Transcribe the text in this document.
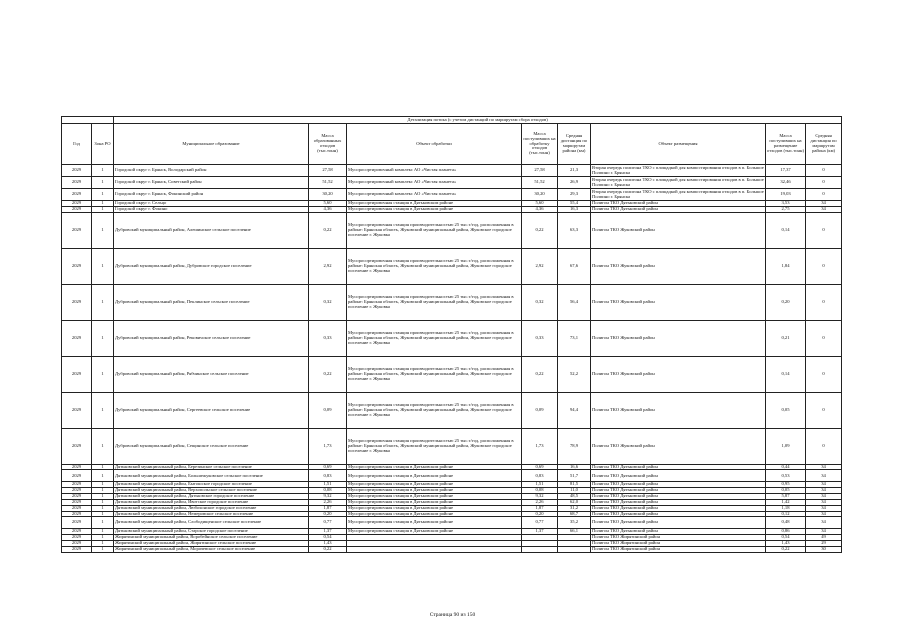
		Детализация потока (с учетом дистанций по маршрутам сбора отходов)							
Год	Зона РО	Муниципальное образование	Масса образованных отходов (тыс.тонн)	Объект обработки	Масса поступивших на обработку отходов (тыс.тонн)	Средняя дистанция по маршрутам района (км)	Объект размещения	Масса поступивших на размещение отходов (тыс.тонн)	Средняя дистанция по маршрутам района (км)
2029	1	Городской округ г. Брянск, Володарский район	27,58	Мусоросортировочный комплекс АО «Чистая планета»	27,58	21,3	Вторая очередь полигона ТКО с площадкой для компостирования отходов в п. Большое Полпино г. Брянска	17,37	0
2029	1	Городской округ г. Брянск, Советский район	51,52	Мусоросортировочный комплекс АО «Чистая планета»	51,52	26,9	Вторая очередь полигона ТКО с площадкой для компостирования отходов в п. Большое Полпино г. Брянска	32,46	0
2029	1	Городской округ г. Брянск, Фокинский район	30,20	Мусоросортировочный комплекс АО «Чистая планета»	30,20	29,3	Вторая очередь полигона ТКО с площадкой для компостирования отходов в п. Большое Полпино г. Брянска	19,03	0
2029	1	Городской округ г. Сельцо	5,60	Мусоросортировочная станция в Дятьковском районе	5,60	55,4	Полигон ТКО Дятьковский район	3,53	34
2029	1	Городской округ г. Фокино	4,36	Мусоросортировочная станция в Дятьковском районе	4,36	16,3	Полигон ТКО Дятьковский район	2,75	34
2029	1	Дубровский муниципальный район, Алешинское сельское поселение	0,22	Мусоросортировочная станция производительностью 25 тыс.т/год, расположенная в районе: Брянская область, Жуковский муниципальный район, Жуковское городское поселение г. Жуковка	0,22	63,3	Полигон ТКО Жуковский район	0,14	0
2029	1	Дубровский муниципальный район, Дубровское городское поселение	2,92	Мусоросортировочная станция производительностью 25 тыс.т/год, расположенная в районе: Брянская область, Жуковский муниципальный район, Жуковское городское поселение г. Жуковка	2,92	67,6	Полигон ТКО Жуковский район	1,84	0
2029	1	Дубровский муниципальный район, Пеклинское сельское поселение	0,32	Мусоросортировочная станция производительностью 25 тыс.т/год, расположенная в районе: Брянская область, Жуковский муниципальный район, Жуковское городское поселение г. Жуковка	0,32	56,4	Полигон ТКО Жуковский район	0,20	0
2029	1	Дубровский муниципальный район, Рековичское сельское поселение	0,33	Мусоросортировочная станция производительностью 25 тыс.т/год, расположенная в районе: Брянская область, Жуковский муниципальный район, Жуковское городское поселение г. Жуковка	0,33	73,1	Полигон ТКО Жуковский район	0,21	0
2029	1	Дубровский муниципальный район, Рябчинское сельское поселение	0,22	Мусоросортировочная станция производительностью 25 тыс.т/год, расположенная в районе: Брянская область, Жуковский муниципальный район, Жуковское городское поселение г. Жуковка	0,22	52,2	Полигон ТКО Жуковский район	0,14	0
2029	1	Дубровский муниципальный район, Сергеевское сельское поселение	0,09	Мусоросортировочная станция производительностью 25 тыс.т/год, расположенная в районе: Брянская область, Жуковский муниципальный район, Жуковское городское поселение г. Жуковка	0,09	94,4	Полигон ТКО Жуковский район	0,05	0
2029	1	Дубровский муниципальный район, Сещинское сельское поселение	1,73	Мусоросортировочная станция производительностью 25 тыс.т/год, расположенная в районе: Брянская область, Жуковский муниципальный район, Жуковское городское поселение г. Жуковка	1,73	78,9	Полигон ТКО Жуковский район	1,09	0
2029	1	Дятьковский муниципальный район, Березинское сельское поселение	0,69	Мусоросортировочная станция в Дятьковском районе	0,69	16,6	Полигон ТКО Дятьковский район	0,44	34
2029	1	Дятьковский муниципальный район, Большежуковское сельское поселение	0,83	Мусоросортировочная станция в Дятьковском районе	0,83	51,7	Полигон ТКО Дятьковский район	0,53	34
2029	1	Дятьковский муниципальный район, Бытошское городское поселение	1,51	Мусоросортировочная станция в Дятьковском районе	1,51	81,5	Полигон ТКО Дятьковский район	0,95	34
2029	1	Дятьковский муниципальный район, Верхопольское сельское поселение	0,08	Мусоросортировочная станция в Дятьковском районе	0,08	11,0	Полигон ТКО Дятьковский район	0,05	34
2029	1	Дятьковский муниципальный район, Дятьковское городское поселение	9,32	Мусоросортировочная станция в Дятьковском районе	9,32	48,5	Полигон ТКО Дятьковский район	5,87	34
2029	1	Дятьковский муниципальный район, Ивотское городское поселение	2,26	Мусоросортировочная станция в Дятьковском районе	2,26	62,0	Полигон ТКО Дятьковский район	1,42	34
2029	1	Дятьковский муниципальный район, Любохонское городское поселение	1,87	Мусоросортировочная станция в Дятьковском районе	1,87	31,2	Полигон ТКО Дятьковский район	1,18	34
2029	1	Дятьковский муниципальный район, Немеровское сельское поселение	0,20	Мусоросортировочная станция в Дятьковском районе	0,20	68,7	Полигон ТКО Дятьковский район	0,12	34
2029	1	Дятьковский муниципальный район, Слободищенское сельское поселение	0,77	Мусоросортировочная станция в Дятьковском районе	0,77	35,2	Полигон ТКО Дятьковский район	0,48	34
2029	1	Дятьковский муниципальный район, Старское городское поселение	1,37	Мусоросортировочная станция в Дятьковском районе	1,37	66,1	Полигон ТКО Дятьковский район	0,86	34
2029	1	Жирятинский муниципальный район, Воробейнское сельское поселение	0,54				Полигон ТКО Жирятинский район	0,54	49
2029	1	Жирятинский муниципальный район, Жирятинское сельское поселение	1,43				Полигон ТКО Жирятинский район	1,43	29
2029	1	Жирятинский муниципальный район, Морачевское сельское поселение	0,22				Полигон ТКО Жирятинский район	0,22	30
Страница 90 из 150
